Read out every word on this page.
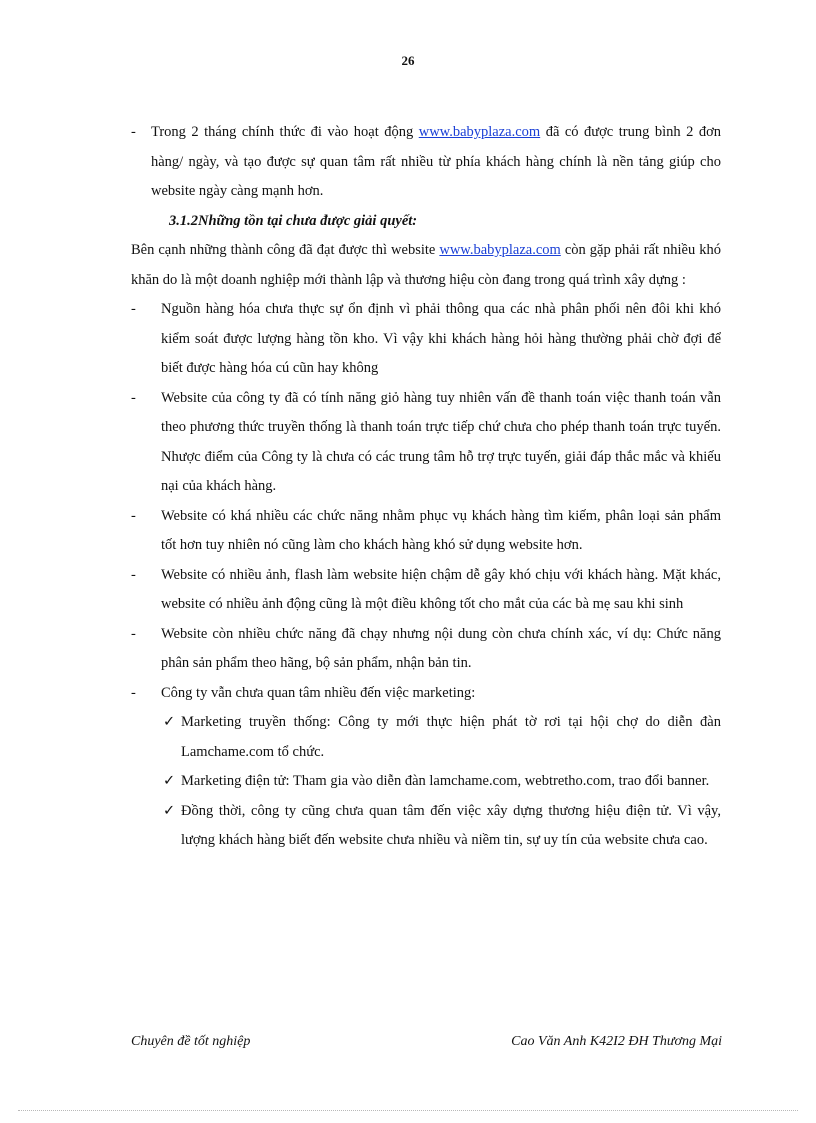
26
-	Trong 2 tháng chính thức đi vào hoạt động www.babyplaza.com đã có được trung bình 2 đơn hàng/ ngày, và tạo được sự quan tâm rất nhiều từ phía khách hàng chính là nền tảng giúp cho website ngày càng mạnh hơn.
3.1.2Những tồn tại chưa được giải quyết:
Bên cạnh những thành công đã đạt được thì website www.babyplaza.com còn gặp phải rất nhiều khó khăn do là một doanh nghiệp mới thành lập và thương hiệu còn đang trong quá trình xây dựng :
-	Nguồn hàng hóa chưa thực sự ổn định vì phải thông qua các nhà phân phối nên đôi khi khó kiểm soát được lượng hàng tồn kho. Vì vậy khi khách hàng hỏi hàng thường phải chờ đợi để biết được hàng hóa cú cũn hay không
-	Website của công ty đã có tính năng giỏ hàng tuy nhiên vấn đề thanh toán việc thanh toán vẫn theo phương thức truyền thống là thanh toán trực tiếp chứ chưa cho phép thanh toán trực tuyến. Nhược điểm của Công ty là chưa có các trung tâm hỗ trợ trực tuyến, giải đáp thắc mắc và khiếu nại của khách hàng.
-	Website có khá nhiều các chức năng nhằm phục vụ khách hàng tìm kiếm, phân loại sản phẩm tốt hơn tuy nhiên nó cũng làm cho khách hàng khó sử dụng website hơn.
-	Website có nhiều ảnh, flash làm website hiện chậm dễ gây khó chịu với khách hàng. Mặt khác, website có nhiều ảnh động cũng là một điều không tốt cho mắt của các bà mẹ sau khi sinh
-	Website còn nhiều chức năng đã chạy nhưng nội dung còn chưa chính xác, ví dụ: Chức năng phân sản phẩm theo hãng, bộ sản phẩm, nhận bản tin.
-	Công ty vẫn chưa quan tâm nhiều đến việc marketing:
✓ Marketing truyền thống: Công ty mới thực hiện phát tờ rơi tại hội chợ do diễn đàn Lamchame.com tổ chức.
✓ Marketing điện tử: Tham gia vào diễn đàn lamchame.com, webtretho.com, trao đổi banner.
✓ Đồng thời, công ty cũng chưa quan tâm đến việc xây dựng thương hiệu điện tử. Vì vậy, lượng khách hàng biết đến website chưa nhiều và niềm tin, sự uy tín của website chưa cao.
Chuyên đề tốt nghiệp	Cao Văn Anh K42I2 ĐH Thương Mại
